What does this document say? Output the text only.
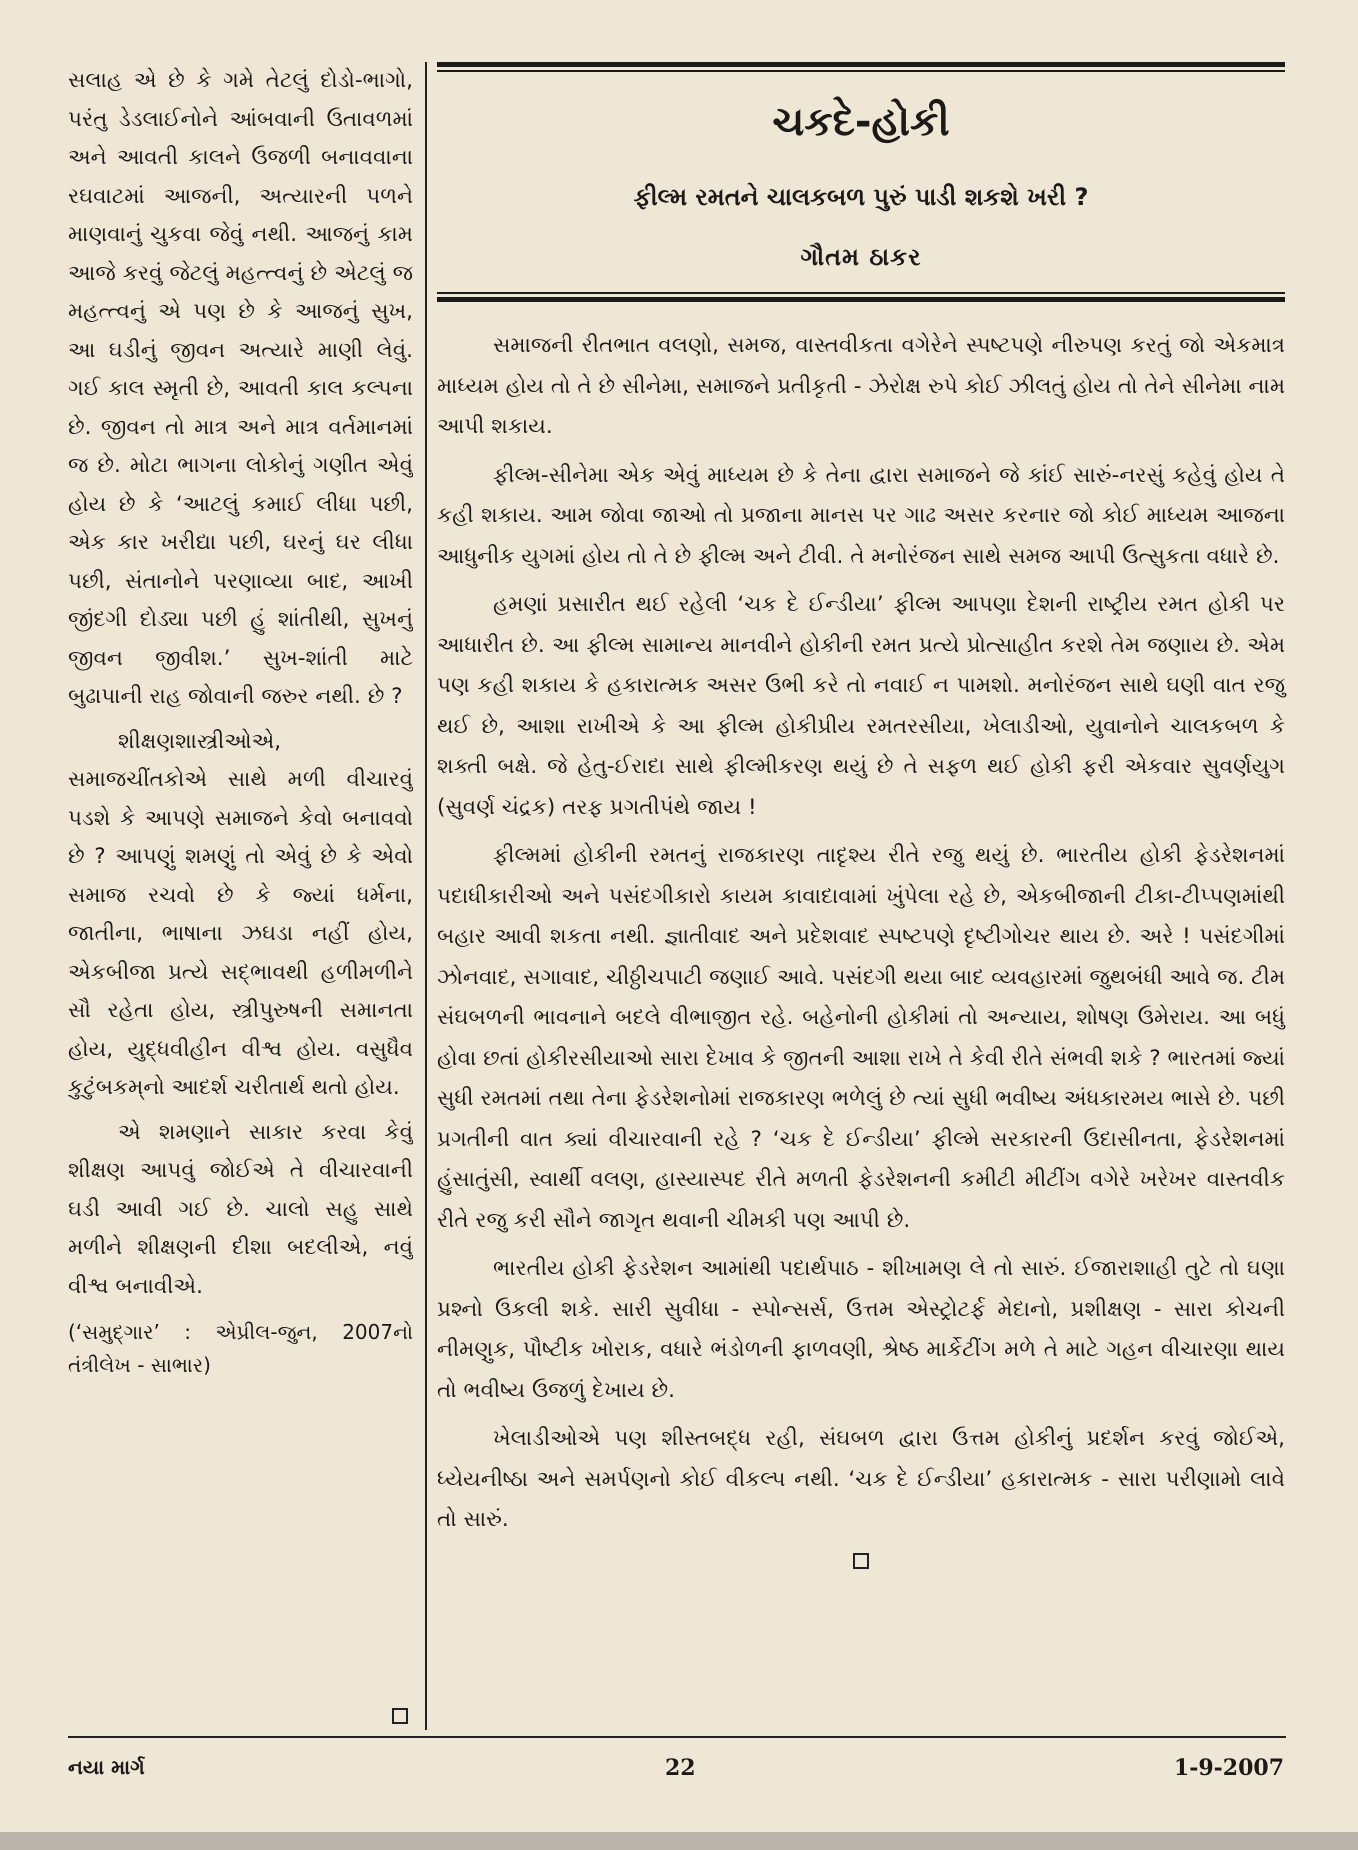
સલાહ એ છે કે ગમે તેટલું દોડો-ભાગો, પરંતુ ડેડલાઈનોને આંબવાની ઉતાવળમાં અને આવતી કાલને ઉજળી બનાવવાના રઘવાટમાં આજની, અત્યારની પળને માણવાનું ચુકવા જેવું નથી. આજનું કામ આજે કરવું જેટલું મહત્ત્વનું છે એટલું જ મહત્ત્વનું એ પણ છે કે આજનું સુખ, આ ઘડીનું જીવન અત્યારે માણી લેવું. ગઈ કાલ સ્મૃતી છે, આવતી કાલ કલ્પના છે. જીવન તો માત્ર અને માત્ર વર્તમાનમાં જ છે. મોટા ભાગના લોકોનું ગણીત એવું હોય છે કે ‘આટલું કમાઈ લીધા પછી, એક કાર ખરીદ્યા પછી, ઘરનું ઘર લીધા પછી, સંતાનોને પરણાવ્યા બાદ, આખી જીંદગી દોડ્યા પછી હું શાંતીથી, સુખનું જીવન જીવીશ.’ સુખ-શાંતી માટે બુઢાપાની રાહ જોવાની જરુર નથી. છે ?

શીક્ષણશાસ્ત્રીઓએ, સમાજચીંતકોએ સાથે મળી વીચારવું પડશે કે આપણે સમાજને કેવો બનાવવો છે ? આપણું શમણું તો એવું છે કે એવો સમાજ રચવો છે કે જ્યાં ધર્મના, જાતીના, ભાષાના ઝઘડા નહીં હોય, એકબીજા પ્રત્યે સદ્ભાવથી હળીમળીને સૌ રહેતા હોય, સ્ત્રીપુરુષની સમાનતા હોય, યુદ્ધવીહીન વીશ્વ હોય. વસુધૈવ કુટુંબકમ્‌નો આદર્શ ચરીતાર્થ થતો હોય.

એ શમણાને સાકાર કરવા કેવું શીક્ષણ આપવું જોઈએ તે વીચારવાની ઘડી આવી ગઈ છે. ચાલો સહુ સાથે મળીને શીક્ષણની દીશા બદલીએ, નવું વીશ્વ બનાવીએ.

(‘સમુદ્ગાર’ : એપ્રીલ-જુન, 2007નો તંત્રીલેખ - સાભાર)

ચકદે-હોકી
ફીલ્મ રમતને ચાલકબળ પુરું પાડી શકશે ખરી ?
ગૌતમ ઠાકર

સમાજની રીતભાત વલણો, સમજ, વાસ્તવીકતા વગેરેને સ્પષ્ટપણે નીરુપણ કરતું જો એકમાત્ર માધ્યમ હોય તો તે છે સીનેમા, સમાજને પ્રતીકૃતી - ઝેરોક્ષ રુપે કોઈ ઝીલતું હોય તો તેને સીનેમા નામ આપી શકાય.

ફીલ્મ-સીનેમા એક એવું માધ્યમ છે કે તેના દ્વારા સમાજને જે કાંઈ સારું-નરસું કહેવું હોય તે કહી શકાય. આમ જોવા જાઓ તો પ્રજાના માનસ પર ગાઢ અસર કરનાર જો કોઈ માધ્યમ આજના આધુનીક યુગમાં હોય તો તે છે ફીલ્મ અને ટીવી. તે મનોરંજન સાથે સમજ આપી ઉત્સુકતા વધારે છે.

હમણાં પ્રસારીત થઈ રહેલી ‘ચક દે ઈન્ડીયા’ ફીલ્મ આપણા દેશની રાષ્ટ્રીય રમત હોકી પર આધારીત છે. આ ફીલ્મ સામાન્ય માનવીને હોકીની રમત પ્રત્યે પ્રોત્સાહીત કરશે તેમ જણાય છે. એમ પણ કહી શકાય કે હકારાત્મક અસર ઉભી કરે તો નવાઈ ન પામશો. મનોરંજન સાથે ઘણી વાત રજુ થઈ છે, આશા રાખીએ કે આ ફીલ્મ હોકીપ્રીય રમતરસીયા, ખેલાડીઓ, યુવાનોને ચાલકબળ કે શક્તી બક્ષે. જે હેતુ-ઈરાદા સાથે ફીલ્મીકરણ થયું છે તે સફળ થઈ હોકી ફરી એકવાર સુવર્ણયુગ (સુવર્ણ ચંદ્રક) તરફ પ્રગતીપંથે જાય !

ફીલ્મમાં હોકીની રમતનું રાજકારણ તાદૃશ્ય રીતે રજુ થયું છે. ભારતીય હોકી ફેડરેશનમાં પદાધીકારીઓ અને પસંદગીકારો કાયમ કાવાદાવામાં ખુંપેલા રહે છે, એકબીજાની ટીકા-ટીપ્પણમાંથી બહાર આવી શકતા નથી. જ્ઞાતીવાદ અને પ્રદેશવાદ સ્પષ્ટપણે દૃષ્ટીગોચર થાય છે. અરે ! પસંદગીમાં ઝોનવાદ, સગાવાદ, ચીઠ્ઠીચપાટી જણાઈ આવે. પસંદગી થયા બાદ વ્યવહારમાં જુથબંધી આવે જ. ટીમ સંઘબળની ભાવનાને બદલે વીભાજીત રહે. બહેનોની હોકીમાં તો અન્યાય, શોષણ ઉમેરાય. આ બધું હોવા છતાં હોકીરસીયાઓ સારા દેખાવ કે જીતની આશા રાખે તે કેવી રીતે સંભવી શકે ? ભારતમાં જ્યાં સુધી રમતમાં તથા તેના ફેડરેશનોમાં રાજકારણ ભળેલું છે ત્યાં સુધી ભવીષ્ય અંધકારમય ભાસે છે. પછી પ્રગતીની વાત ક્યાં વીચારવાની રહે ? ‘ચક દે ઈન્ડીયા’ ફીલ્મે સરકારની ઉદાસીનતા, ફેડરેશનમાં હુંસાતુંસી, સ્વાર્થી વલણ, હાસ્યાસ્પદ રીતે મળતી ફેડરેશનની કમીટી મીટીંગ વગેરે ખરેખર વાસ્તવીક રીતે રજુ કરી સૌને જાગૃત થવાની ચીમકી પણ આપી છે.

ભારતીય હોકી ફેડરેશન આમાંથી પદાર્થપાઠ - શીખામણ લે તો સારું. ઈજારાશાહી તુટે તો ઘણા પ્રશ્નો ઉકલી શકે. સારી સુવીધા - સ્પોન્સર્સ, ઉત્તમ એસ્ટ્રોટર્ફ મેદાનો, પ્રશીક્ષણ - સારા કોચની નીમણુક, પૌષ્ટીક ખોરાક, વધારે ભંડોળની ફાળવણી, શ્રેષ્ઠ માર્કેટીંગ મળે તે માટે ગહન વીચારણા થાય તો ભવીષ્ય ઉજળું દેખાય છે.

ખેલાડીઓએ પણ શીસ્તબદ્ધ રહી, સંઘબળ દ્વારા ઉત્તમ હોકીનું પ્રદર્શન કરવું જોઈએ, ધ્યેયનીષ્ઠા અને સમર્પણનો કોઈ વીકલ્પ નથી. ‘ચક દે ઈન્ડીયા’ હકારાત્મક - સારા પરીણામો લાવે તો સારું.

નયા માર્ગ	22	1-9-2007
